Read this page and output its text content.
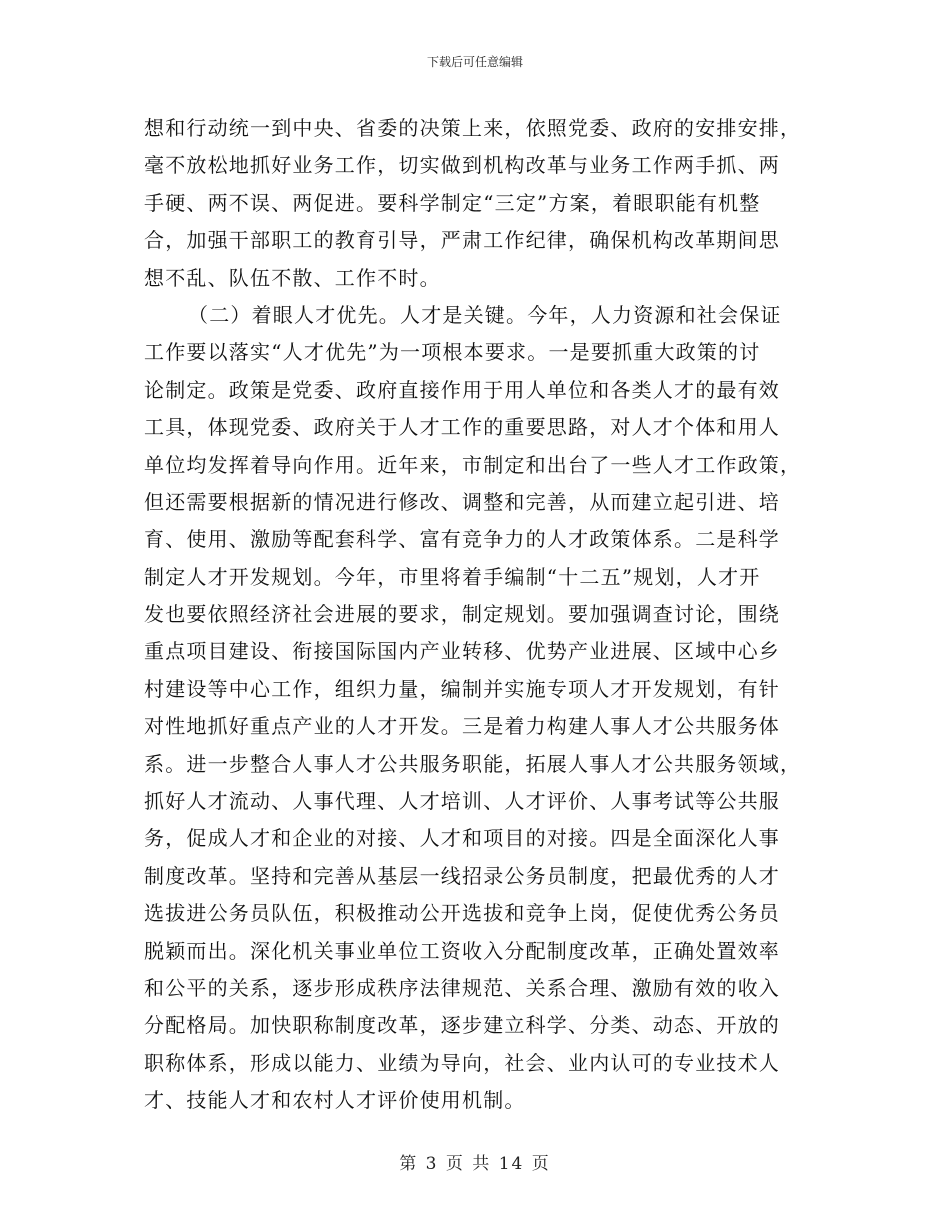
下载后可任意编辑
想和行动统一到中央、省委的决策上来，依照党委、政府的安排安排，
毫不放松地抓好业务工作，切实做到机构改革与业务工作两手抓、两
手硬、两不误、两促进。要科学制定“三定”方案，着眼职能有机整
合，加强干部职工的教育引导，严肃工作纪律，确保机构改革期间思
想不乱、队伍不散、工作不时。
（二）着眼人才优先。人才是关键。今年，人力资源和社会保证
工作要以落实“人才优先”为一项根本要求。一是要抓重大政策的讨
论制定。政策是党委、政府直接作用于用人单位和各类人才的最有效
工具，体现党委、政府关于人才工作的重要思路，对人才个体和用人
单位均发挥着导向作用。近年来，市制定和出台了一些人才工作政策，
但还需要根据新的情况进行修改、调整和完善，从而建立起引进、培
育、使用、激励等配套科学、富有竞争力的人才政策体系。二是科学
制定人才开发规划。今年，市里将着手编制“十二五”规划，人才开
发也要依照经济社会进展的要求，制定规划。要加强调查讨论，围绕
重点项目建设、衔接国际国内产业转移、优势产业进展、区域中心乡
村建设等中心工作，组织力量，编制并实施专项人才开发规划，有针
对性地抓好重点产业的人才开发。三是着力构建人事人才公共服务体
系。进一步整合人事人才公共服务职能，拓展人事人才公共服务领域，
抓好人才流动、人事代理、人才培训、人才评价、人事考试等公共服
务，促成人才和企业的对接、人才和项目的对接。四是全面深化人事
制度改革。坚持和完善从基层一线招录公务员制度，把最优秀的人才
选拔进公务员队伍，积极推动公开选拔和竞争上岗，促使优秀公务员
脱颖而出。深化机关事业单位工资收入分配制度改革，正确处置效率
和公平的关系，逐步形成秩序法律规范、关系合理、激励有效的收入
分配格局。加快职称制度改革，逐步建立科学、分类、动态、开放的
职称体系，形成以能力、业绩为导向，社会、业内认可的专业技术人
才、技能人才和农村人才评价使用机制。
第 3 页 共 14 页
